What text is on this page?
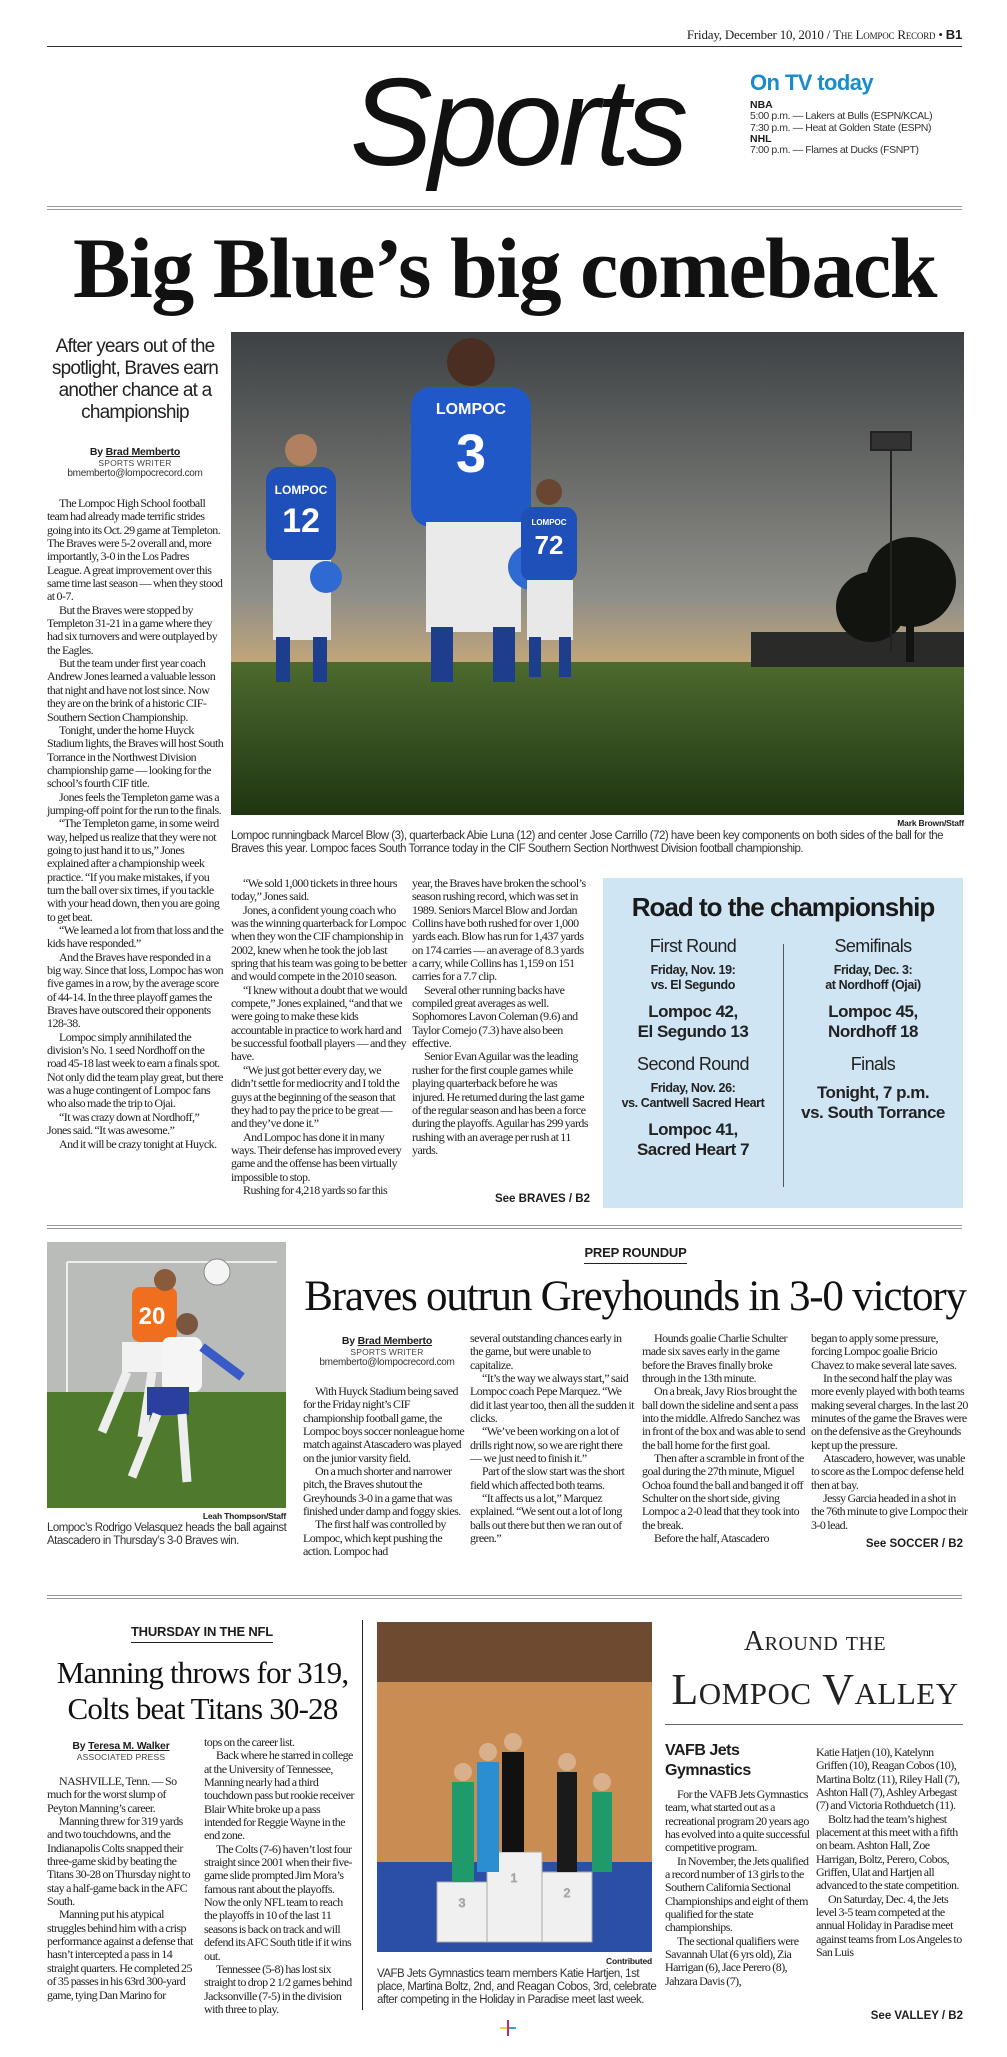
Friday, December 10, 2010 / The Lompoc Record • B1
Sports	On TV today
NBA
5:00 p.m. — Lakers at Bulls (ESPN/KCAL)
7:30 p.m. — Heat at Golden State (ESPN)
NHL
7:00 p.m. — Flames at Ducks (FSNPT)
Big Blue’s big comeback
After years out of the spotlight, Braves earn another chance at a championship
By Brad Memberto
SPORTS WRITER
bmemberto@lompocrecord.com

The Lompoc High School football team had already made terrific strides going into its Oct. 29 game at Templeton. The Braves were 5-2 overall and, more importantly, 3-0 in the Los Padres League. A great improvement over this same time last season — when they stood at 0-7.

But the Braves were stopped by Templeton 31-21 in a game where they had six turnovers and were outplayed by the Eagles.

But the team under first year coach Andrew Jones learned a valuable lesson that night and have not lost since. Now they are on the brink of a historic CIF-Southern Section Championship.

Tonight, under the home Huyck Stadium lights, the Braves will host South Torrance in the Northwest Division championship game — looking for the school’s fourth CIF title.

Jones feels the Templeton game was a jumping-off point for the run to the finals.

“The Templeton game, in some weird way, helped us realize that they were not going to just hand it to us,” Jones explained after a championship week practice. “If you make mistakes, if you turn the ball over six times, if you tackle with your head down, then you are going to get beat.

“We learned a lot from that loss and the kids have responded.”

And the Braves have responded in a big way. Since that loss, Lompoc has won five games in a row, by the average score of 44-14. In the three playoff games the Braves have outscored their opponents 128-38.

Lompoc simply annihilated the division’s No. 1 seed Nordhoff on the road 45-18 last week to earn a finals spot. Not only did the team play great, but there was a huge contingent of Lompoc fans who also made the trip to Ojai.

“It was crazy down at Nordhoff,” Jones said. “It was awesome.”

And it will be crazy tonight at Huyck.

LOMPOC
12
LOMPOC
3
LOMPOC
72
Mark Brown/Staff
Lompoc runningback Marcel Blow (3), quarterback Abie Luna (12) and center Jose Carrillo (72) have been key components on both sides of the ball for the Braves this year. Lompoc faces South Torrance today in the CIF Southern Section Northwest Division football championship.

“We sold 1,000 tickets in three hours today,” Jones said.

Jones, a confident young coach who was the winning quarterback for Lompoc when they won the CIF championship in 2002, knew when he took the job last spring that his team was going to be better and would compete in the 2010 season.

“I knew without a doubt that we would compete,” Jones explained, “and that we were going to make these kids accountable in practice to work hard and be successful football players — and they have.

“We just got better every day, we didn’t settle for mediocrity and I told the guys at the beginning of the season that they had to pay the price to be great — and they’ve done it.”

And Lompoc has done it in many ways. Their defense has improved every game and the offense has been virtually impossible to stop.

Rushing for 4,218 yards so far this

year, the Braves have broken the school’s season rushing record, which was set in 1989. Seniors Marcel Blow and Jordan Collins have both rushed for over 1,000 yards each. Blow has run for 1,437 yards on 174 carries — an average of 8.3 yards a carry, while Collins has 1,159 on 151 carries for a 7.7 clip.

Several other running backs have compiled great averages as well. Sophomores Lavon Coleman (9.6) and Taylor Cornejo (7.3) have also been effective.

Senior Evan Aguilar was the leading rusher for the first couple games while playing quarterback before he was injured. He returned during the last game of the regular season and has been a force during the playoffs. Aguilar has 299 yards rushing with an average per rush at 11 yards.

See BRAVES / B2
Road to the championship
First Round
Friday, Nov. 19:
vs. El Segundo
Lompoc 42,
El Segundo 13
Second Round
Friday, Nov. 26:
vs. Cantwell Sacred Heart
Lompoc 41,
Sacred Heart 7
Semifinals
Friday, Dec. 3:
at Nordhoff (Ojai)
Lompoc 45,
Nordhoff 18
Finals
Tonight, 7 p.m.
vs. South Torrance
20
Leah Thompson/Staff
Lompoc’s Rodrigo Velasquez heads the ball against Atascadero in Thursday’s 3-0 Braves win.
PREP ROUNDUP
Braves outrun Greyhounds in 3-0 victory
By Brad Memberto
SPORTS WRITER
bmemberto@lompocrecord.com

With Huyck Stadium being saved for the Friday night’s CIF championship football game, the Lompoc boys soccer nonleague home match against Atascadero was played on the junior varsity field.

On a much shorter and narrower pitch, the Braves shutout the Greyhounds 3-0 in a game that was finished under damp and foggy skies.

The first half was controlled by Lompoc, which kept pushing the action. Lompoc had

several outstanding chances early in the game, but were unable to capitalize.

“It’s the way we always start,” said Lompoc coach Pepe Marquez. “We did it last year too, then all the sudden it clicks.

“We’ve been working on a lot of drills right now, so we are right there — we just need to finish it.”

Part of the slow start was the short field which affected both teams.

“It affects us a lot,” Marquez explained. “We sent out a lot of long balls out there but then we ran out of green.”

Hounds goalie Charlie Schulter made six saves early in the game before the Braves finally broke through in the 13th minute.

On a break, Javy Rios brought the ball down the sideline and sent a pass into the middle. Alfredo Sanchez was in front of the box and was able to send the ball home for the first goal.

Then after a scramble in front of the goal during the 27th minute, Miguel Ochoa found the ball and banged it off Schulter on the short side, giving Lompoc a 2-0 lead that they took into the break.

Before the half, Atascadero

began to apply some pressure, forcing Lompoc goalie Bricio Chavez to make several late saves.

In the second half the play was more evenly played with both teams making several charges. In the last 20 minutes of the game the Braves were on the defensive as the Greyhounds kept up the pressure.

Atascadero, however, was unable to score as the Lompoc defense held then at bay.

Jessy Garcia headed in a shot in the 76th minute to give Lompoc their 3-0 lead.

See SOCCER / B2
THURSDAY IN THE NFL
Manning throws for 319, Colts beat Titans 30-28
By Teresa M. Walker
ASSOCIATED PRESS

NASHVILLE, Tenn. — So much for the worst slump of Peyton Manning’s career.

Manning threw for 319 yards and two touchdowns, and the Indianapolis Colts snapped their three-game skid by beating the Titans 30-28 on Thursday night to stay a half-game back in the AFC South.

Manning put his atypical struggles behind him with a crisp performance against a defense that hasn’t intercepted a pass in 14 straight quarters. He completed 25 of 35 passes in his 63rd 300-yard game, tying Dan Marino for

tops on the career list.

Back where he starred in college at the University of Tennessee, Manning nearly had a third touchdown pass but rookie receiver Blair White broke up a pass intended for Reggie Wayne in the end zone.

The Colts (7-6) haven’t lost four straight since 2001 when their five-game slide prompted Jim Mora’s famous rant about the playoffs. Now the only NFL team to reach the playoffs in 10 of the last 11 seasons is back on track and will defend its AFC South title if it wins out.

Tennessee (5-8) has lost six straight to drop 2 1/2 games behind Jacksonville (7-5) in the division with three to play.

1
2
3
Contributed
VAFB Jets Gymnastics team members Katie Hartjen, 1st place, Martina Boltz, 2nd, and Reagan Cobos, 3rd, celebrate after competing in the Holiday in Paradise meet last week.
Around the
Lompoc Valley
VAFB Jets Gymnastics

For the VAFB Jets Gymnastics team, what started out as a recreational program 20 years ago has evolved into a quite successful competitive program.

In November, the Jets qualified a record number of 13 girls to the Southern California Sectional Championships and eight of them qualified for the state championships.

The sectional qualifiers were Savannah Ulat (6 yrs old), Zia Harrigan (6), Jace Perero (8), Jahzara Davis (7),

Katie Hatjen (10), Katelynn Griffen (10), Reagan Cobos (10), Martina Boltz (11), Riley Hall (7), Ashton Hall (7), Ashley Arbegast (7) and Victoria Rothduetch (11).

Boltz had the team’s highest placement at this meet with a fifth on beam. Ashton Hall, Zoe Harrigan, Boltz, Perero, Cobos, Griffen, Ulat and Hartjen all advanced to the state competition.

On Saturday, Dec. 4, the Jets level 3-5 team competed at the annual Holiday in Paradise meet against teams from Los Angeles to San Luis

See VALLEY / B2
